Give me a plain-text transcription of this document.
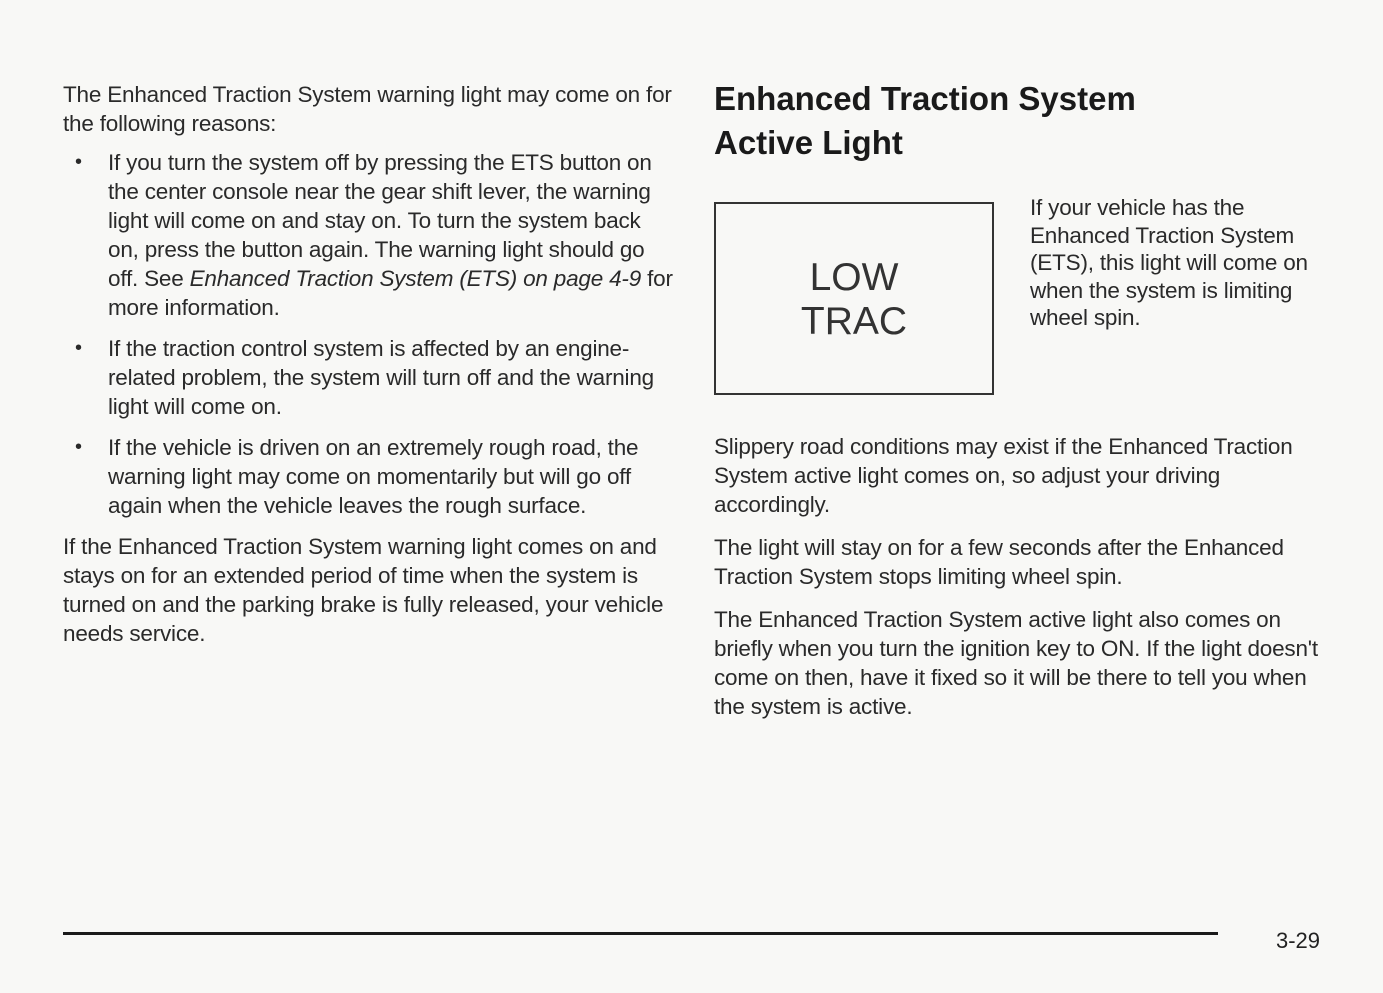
The Enhanced Traction System warning light may come on for the following reasons:

• If you turn the system off by pressing the ETS button on the center console near the gear shift lever, the warning light will come on and stay on. To turn the system back on, press the button again. The warning light should go off. See Enhanced Traction System (ETS) on page 4-9 for more information.
• If the traction control system is affected by an engine-related problem, the system will turn off and the warning light will come on.
• If the vehicle is driven on an extremely rough road, the warning light may come on momentarily but will go off again when the vehicle leaves the rough surface.

If the Enhanced Traction System warning light comes on and stays on for an extended period of time when the system is turned on and the parking brake is fully released, your vehicle needs service.

Enhanced Traction System
Active Light
LOW
TRAC

If your vehicle has the Enhanced Traction System (ETS), this light will come on when the system is limiting wheel spin.

Slippery road conditions may exist if the Enhanced Traction System active light comes on, so adjust your driving accordingly.

The light will stay on for a few seconds after the Enhanced Traction System stops limiting wheel spin.

The Enhanced Traction System active light also comes on briefly when you turn the ignition key to ON. If the light doesn't come on then, have it fixed so it will be there to tell you when the system is active.

3-29
